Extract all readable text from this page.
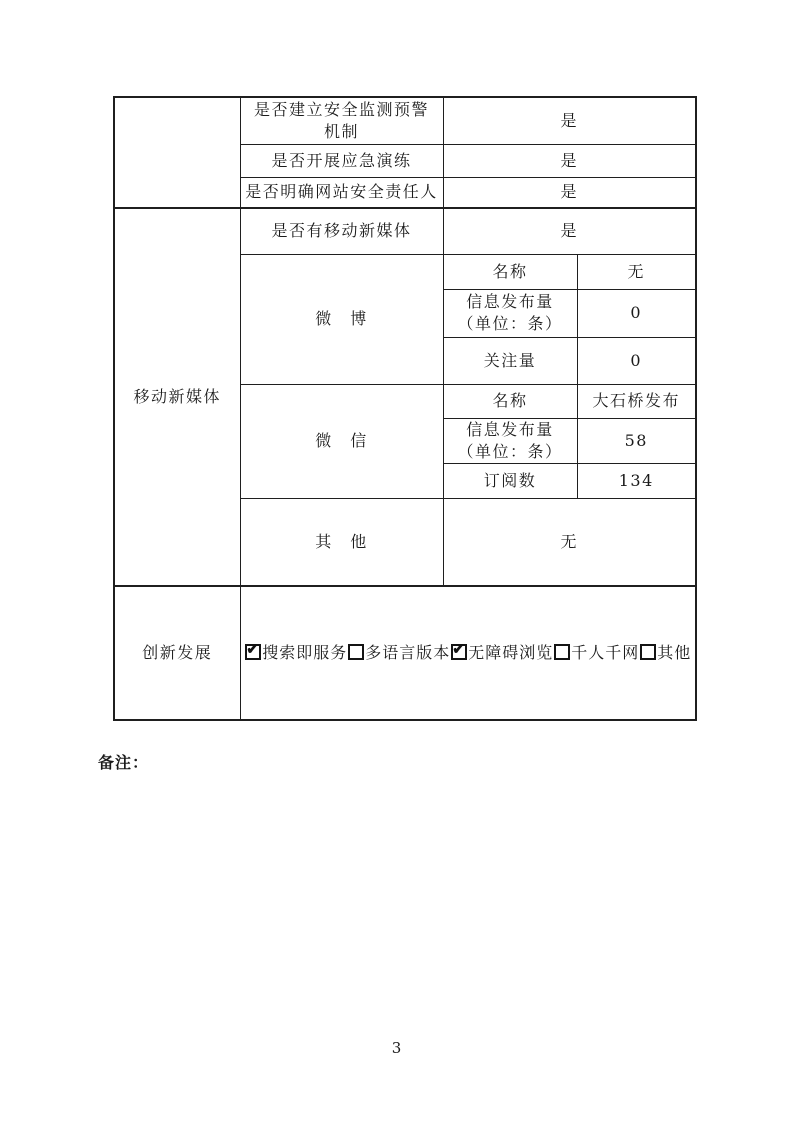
	是否建立安全监测预警
机制	是	
	是否开展应急演练	是	
	是否明确网站安全责任人	是	
移动新媒体	是否有移动新媒体	是	
	微　博	名称	无

		信息发布量
（单位：条）	0
		关注量	0
	微　信	名称	大石桥发布

		信息发布量
（单位：条）	58
		订阅数	134
	其　他	无	
创新发展	✔ 搜索即服务 多语言版本 ✔ 无障碍浏览 千人千网 其他
备注：
3
